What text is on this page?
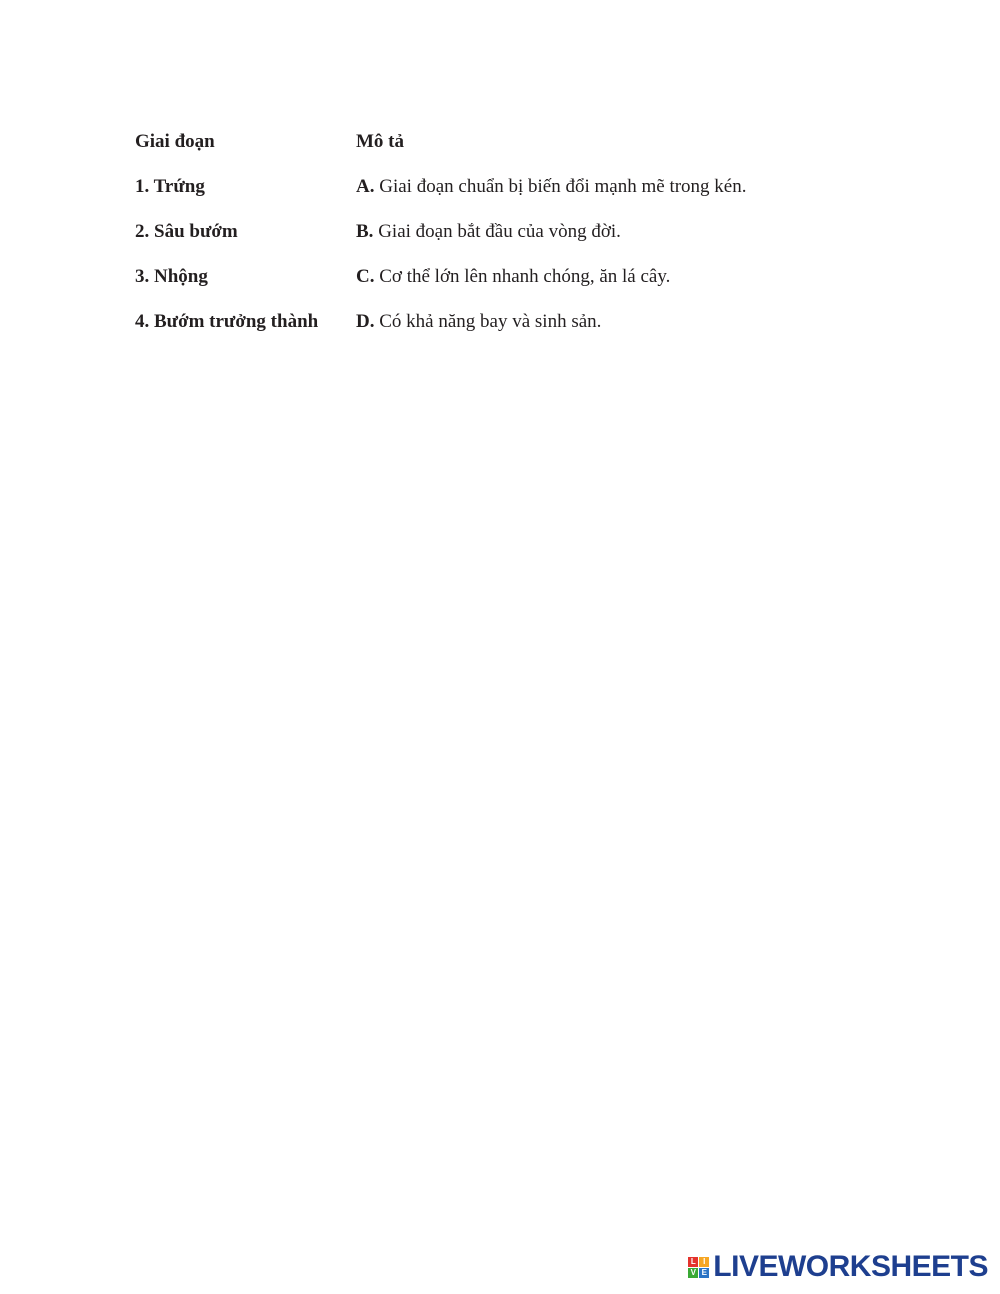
Giai đoạn	Mô tả
1. Trứng	A. Giai đoạn chuẩn bị biến đổi mạnh mẽ trong kén.
2. Sâu bướm	B. Giai đoạn bắt đầu của vòng đời.
3. Nhộng	C. Cơ thể lớn lên nhanh chóng, ăn lá cây.
4. Bướm trưởng thành D. Có khả năng bay và sinh sản.
L I
V E LIVEWORKSHEETS
